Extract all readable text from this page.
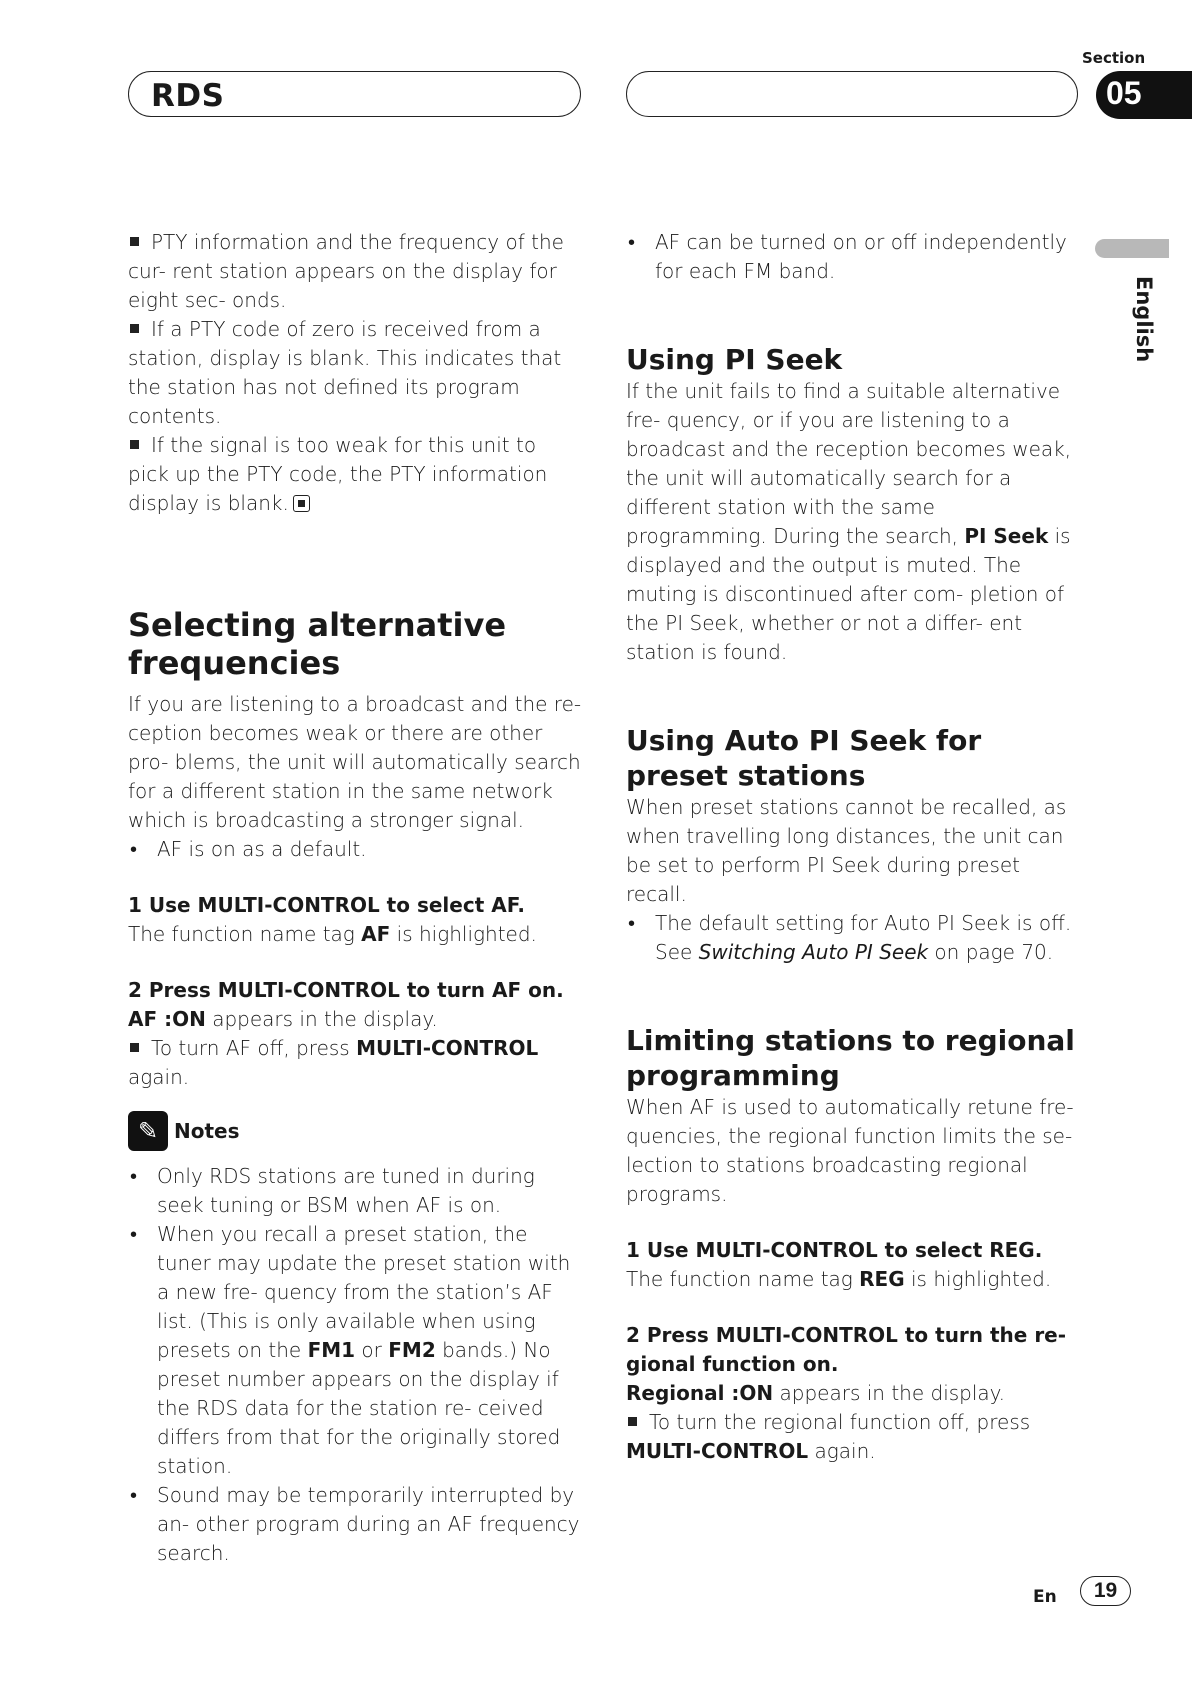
RDS
Section
05
English

PTY information and the frequency of the cur- rent station appears on the display for eight sec- onds.

If a PTY code of zero is received from a station, display is blank. This indicates that the station has not defined its program contents.

If the signal is too weak for this unit to pick up the PTY code, the PTY information display is blank.

Selecting alternative frequencies

If you are listening to a broadcast and the re- ception becomes weak or there are other pro- blems, the unit will automatically search for a different station in the same network which is broadcasting a stronger signal.

• AF is on as a default.

1 Use MULTI-CONTROL to select AF.

The function name tag AF is highlighted.

2 Press MULTI-CONTROL to turn AF on.

AF :ON appears in the display.

To turn AF off, press MULTI-CONTROL again.

✎ Notes

• Only RDS stations are tuned in during seek tuning or BSM when AF is on.

• When you recall a preset station, the tuner may update the preset station with a new fre- quency from the station’s AF list. (This is only available when using presets on the FM1 or FM2 bands.) No preset number appears on the display if the RDS data for the station re- ceived differs from that for the originally stored station.

• Sound may be temporarily interrupted by an- other program during an AF frequency search.

• AF can be turned on or off independently for each FM band.

Using PI Seek

If the unit fails to find a suitable alternative fre- quency, or if you are listening to a broadcast and the reception becomes weak, the unit will automatically search for a different station with the same programming. During the search, PI Seek is displayed and the output is muted. The muting is discontinued after com- pletion of the PI Seek, whether or not a differ- ent station is found.

Using Auto PI Seek for preset stations

When preset stations cannot be recalled, as when travelling long distances, the unit can be set to perform PI Seek during preset recall.

• The default setting for Auto PI Seek is off. See Switching Auto PI Seek on page 70.

Limiting stations to regional programming

When AF is used to automatically retune fre- quencies, the regional function limits the se- lection to stations broadcasting regional programs.

1 Use MULTI-CONTROL to select REG.

The function name tag REG is highlighted.

2 Press MULTI-CONTROL to turn the re- gional function on.

Regional :ON appears in the display.

To turn the regional function off, press MULTI-CONTROL again.

En	19
